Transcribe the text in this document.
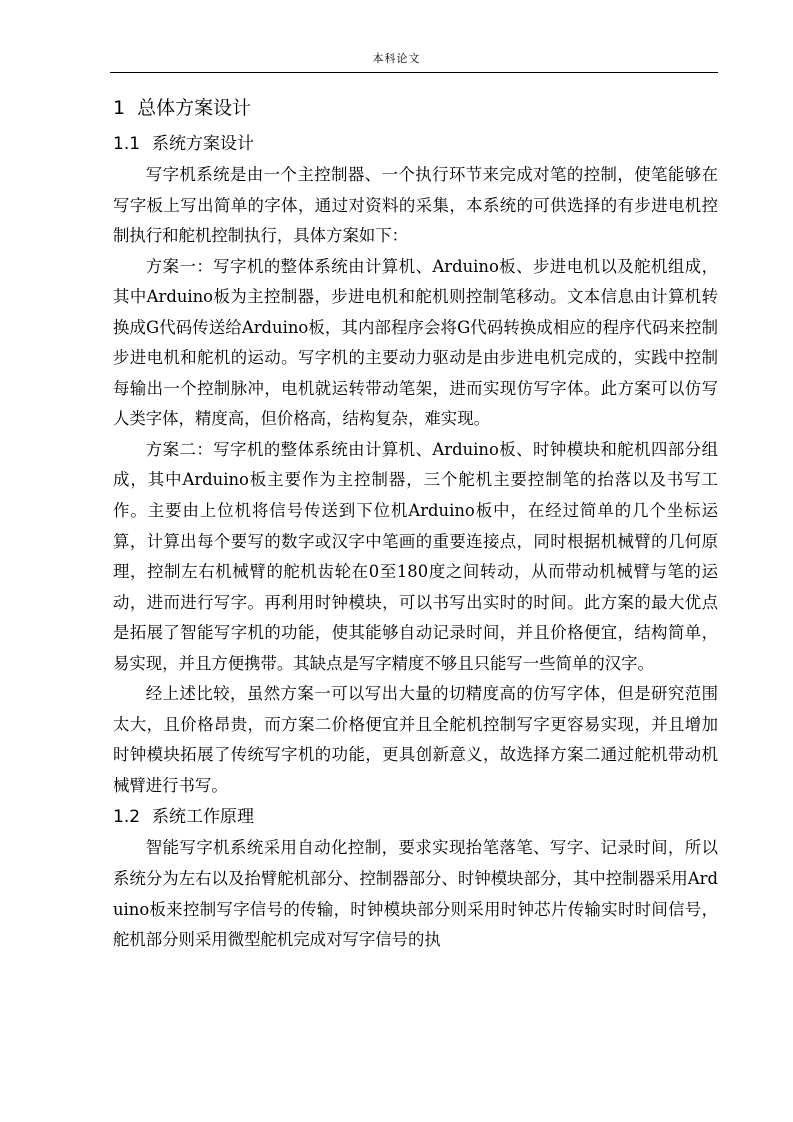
本科论文
1 总体方案设计
1.1 系统方案设计

写字机系统是由一个主控制器、一个执行环节来完成对笔的控制，使笔能够在写字板上写出简单的字体，通过对资料的采集，本系统的可供选择的有步进电机控制执行和舵机控制执行，具体方案如下：

方案一：写字机的整体系统由计算机、Arduino板、步进电机以及舵机组成，其中Arduino板为主控制器，步进电机和舵机则控制笔移动。文本信息由计算机转换成G代码传送给Arduino板，其内部程序会将G代码转换成相应的程序代码来控制步进电机和舵机的运动。写字机的主要动力驱动是由步进电机完成的，实践中控制每输出一个控制脉冲，电机就运转带动笔架，进而实现仿写字体。此方案可以仿写人类字体，精度高，但价格高，结构复杂，难实现。

方案二：写字机的整体系统由计算机、Arduino板、时钟模块和舵机四部分组成，其中Arduino板主要作为主控制器，三个舵机主要控制笔的抬落以及书写工作。主要由上位机将信号传送到下位机Arduino板中，在经过简单的几个坐标运算，计算出每个要写的数字或汉字中笔画的重要连接点，同时根据机械臂的几何原理，控制左右机械臂的舵机齿轮在0至180度之间转动，从而带动机械臂与笔的运动，进而进行写字。再利用时钟模块，可以书写出实时的时间。此方案的最大优点是拓展了智能写字机的功能，使其能够自动记录时间，并且价格便宜，结构简单，易实现，并且方便携带。其缺点是写字精度不够且只能写一些简单的汉字。

经上述比较，虽然方案一可以写出大量的切精度高的仿写字体，但是研究范围太大，且价格昂贵，而方案二价格便宜并且全舵机控制写字更容易实现，并且增加时钟模块拓展了传统写字机的功能，更具创新意义，故选择方案二通过舵机带动机械臂进行书写。

1.2 系统工作原理

智能写字机系统采用自动化控制，要求实现抬笔落笔、写字、记录时间，所以系统分为左右以及抬臂舵机部分、控制器部分、时钟模块部分，其中控制器采用Arduino板来控制写字信号的传输，时钟模块部分则采用时钟芯片传输实时时间信号，舵机部分则采用微型舵机完成对写字信号的执
